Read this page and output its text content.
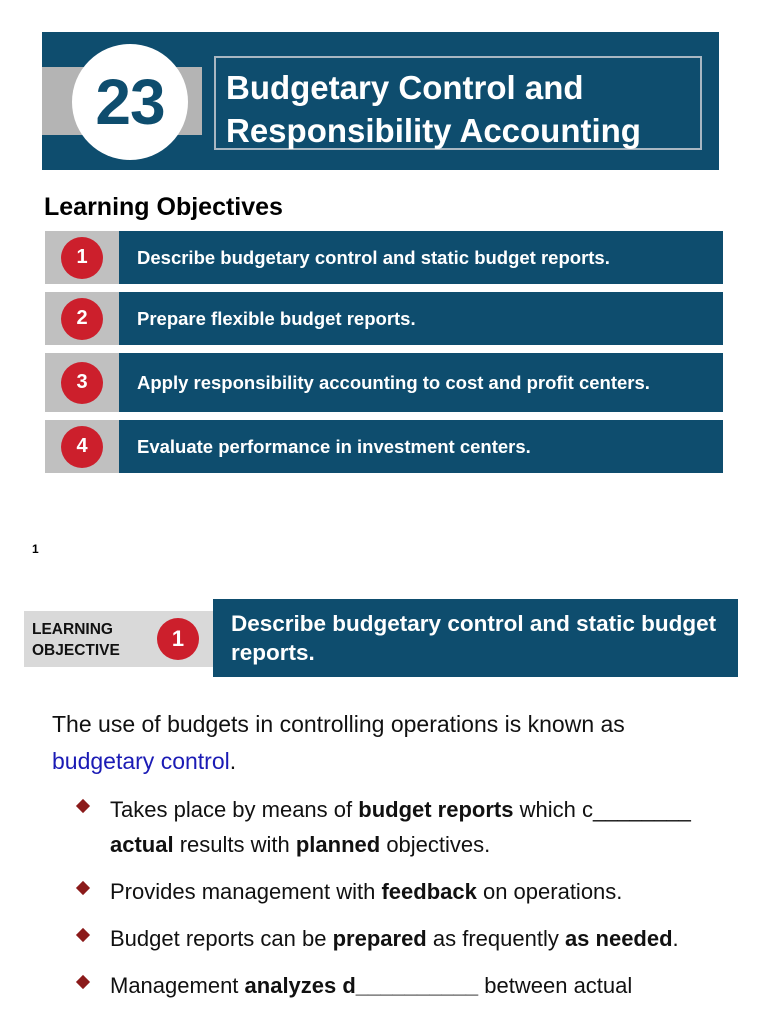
23	Budgetary Control and
Responsibility Accounting
Learning Objectives
1	Describe budgetary control and static budget reports.
2	Prepare flexible budget reports.
3	Apply responsibility accounting to cost and profit centers.
4	Evaluate performance in investment centers.
1
LEARNING
OBJECTIVE	1
Describe budgetary control and static budget reports.
The use of budgets in controlling operations is known as
budgetary control.
Takes place by means of budget reports which c________ actual results with planned objectives.
Provides management with feedback on operations.
Budget reports can be prepared as frequently as needed.
Management analyzes d__________ between actual
